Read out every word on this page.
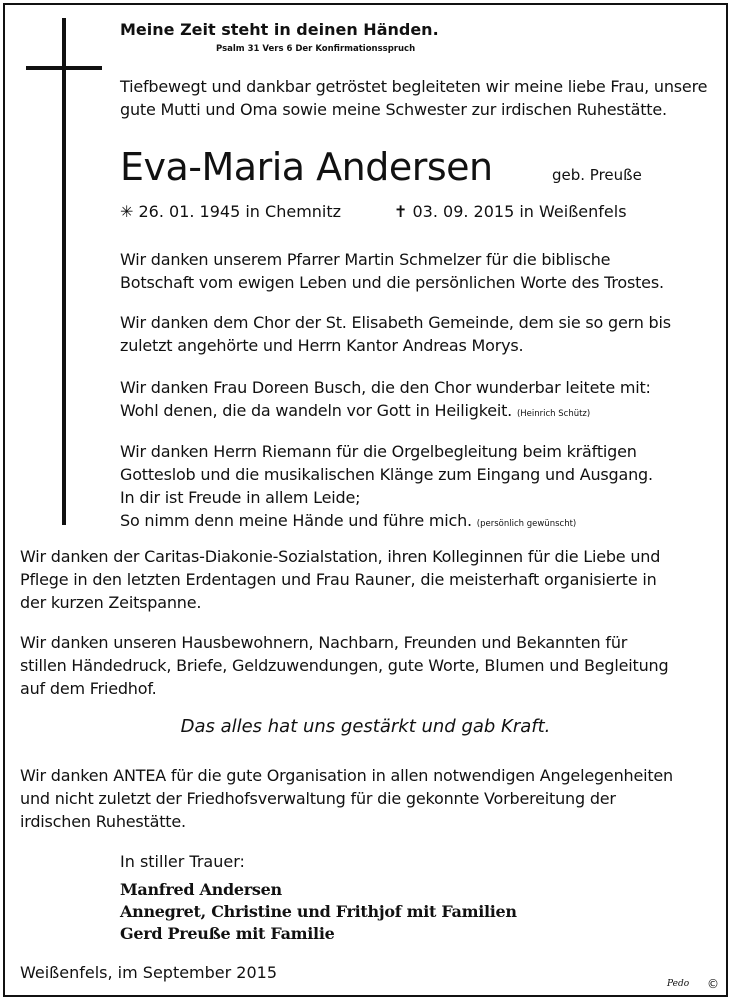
Meine Zeit steht in deinen Händen.
Psalm 31 Vers 6 Der Konfirmationsspruch
Tiefbewegt und dankbar getröstet begleiteten wir meine liebe Frau, unsere
gute Mutti und Oma sowie meine Schwester zur irdischen Ruhestätte.
Eva-Maria Andersen	geb. Preuße
✳ 26. 01. 1945 in Chemnitz	✝ 03. 09. 2015 in Weißenfels
Wir danken unserem Pfarrer Martin Schmelzer für die biblische
Botschaft vom ewigen Leben und die persönlichen Worte des Trostes.
Wir danken dem Chor der St. Elisabeth Gemeinde, dem sie so gern bis
zuletzt angehörte und Herrn Kantor Andreas Morys.
Wir danken Frau Doreen Busch, die den Chor wunderbar leitete mit:
Wohl denen, die da wandeln vor Gott in Heiligkeit. (Heinrich Schütz)
Wir danken Herrn Riemann für die Orgelbegleitung beim kräftigen
Gotteslob und die musikalischen Klänge zum Eingang und Ausgang.
In dir ist Freude in allem Leide;
So nimm denn meine Hände und führe mich. (persönlich gewünscht)
Wir danken der Caritas-Diakonie-Sozialstation, ihren Kolleginnen für die Liebe und
Pflege in den letzten Erdentagen und Frau Rauner, die meisterhaft organisierte in
der kurzen Zeitspanne.
Wir danken unseren Hausbewohnern, Nachbarn, Freunden und Bekannten für
stillen Händedruck, Briefe, Geldzuwendungen, gute Worte, Blumen und Begleitung
auf dem Friedhof.
Das alles hat uns gestärkt und gab Kraft.
Wir danken ANTEA für die gute Organisation in allen notwendigen Angelegenheiten
und nicht zuletzt der Friedhofsverwaltung für die gekonnte Vorbereitung der
irdischen Ruhestätte.
In stiller Trauer:
Manfred Andersen
Annegret, Christine und Frithjof mit Familien
Gerd Preuße mit Familie
Weißenfels, im September 2015
Pedo ©
